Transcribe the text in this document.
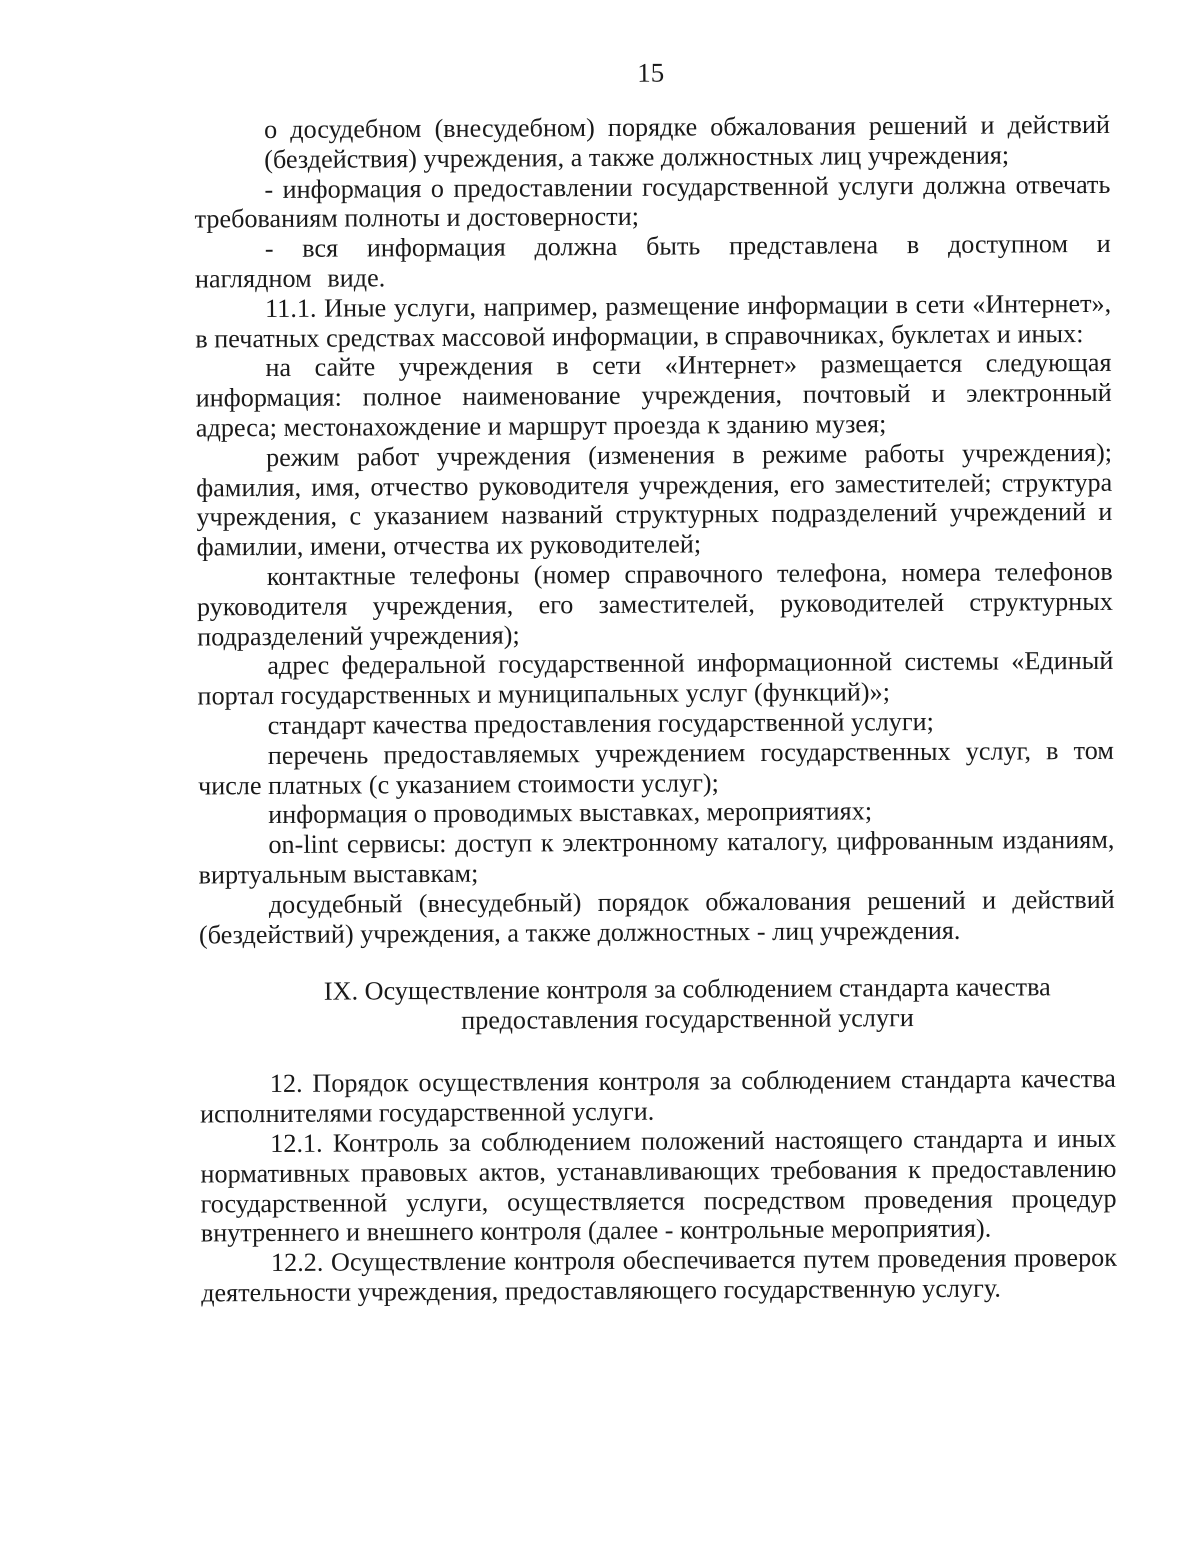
15

о досудебном (внесудебном) порядке обжалования решений и действий (бездействия) учреждения, а также должностных лиц учреждения;

- информация о предоставлении государственной услуги должна отвечать требованиям полноты и достоверности;

- вся информация должна быть представлена в доступном и наглядном виде.

11.1. Иные услуги, например, размещение информации в сети «Интернет», в печатных средствах массовой информации, в справочниках, буклетах и иных:

на сайте учреждения в сети «Интернет» размещается следующая информация: полное наименование учреждения, почтовый и электронный адреса; местонахождение и маршрут проезда к зданию музея;

режим работ учреждения (изменения в режиме работы учреждения); фамилия, имя, отчество руководителя учреждения, его заместителей; структура учреждения, с указанием названий структурных подразделений учреждений и фамилии, имени, отчества их руководителей;

контактные телефоны (номер справочного телефона, номера телефонов руководителя учреждения, его заместителей, руководителей структурных подразделений учреждения);

адрес федеральной государственной информационной системы «Единый портал государственных и муниципальных услуг (функций)»;

стандарт качества предоставления государственной услуги;

перечень предоставляемых учреждением государственных услуг, в том числе платных (с указанием стоимости услуг);

информация о проводимых выставках, мероприятиях;

on-lint сервисы: доступ к электронному каталогу, цифрованным изданиям, виртуальным выставкам;

досудебный (внесудебный) порядок обжалования решений и действий (бездействий) учреждения, а также должностных - лиц учреждения.

IX. Осуществление контроля за соблюдением стандарта качества
предоставления государственной услуги

12. Порядок осуществления контроля за соблюдением стандарта качества исполнителями государственной услуги.

12.1. Контроль за соблюдением положений настоящего стандарта и иных нормативных правовых актов, устанавливающих требования к предоставлению государственной услуги, осуществляется посредством проведения процедур внутреннего и внешнего контроля (далее - контрольные мероприятия).

12.2. Осуществление контроля обеспечивается путем проведения проверок деятельности учреждения, предоставляющего государственную услугу.
